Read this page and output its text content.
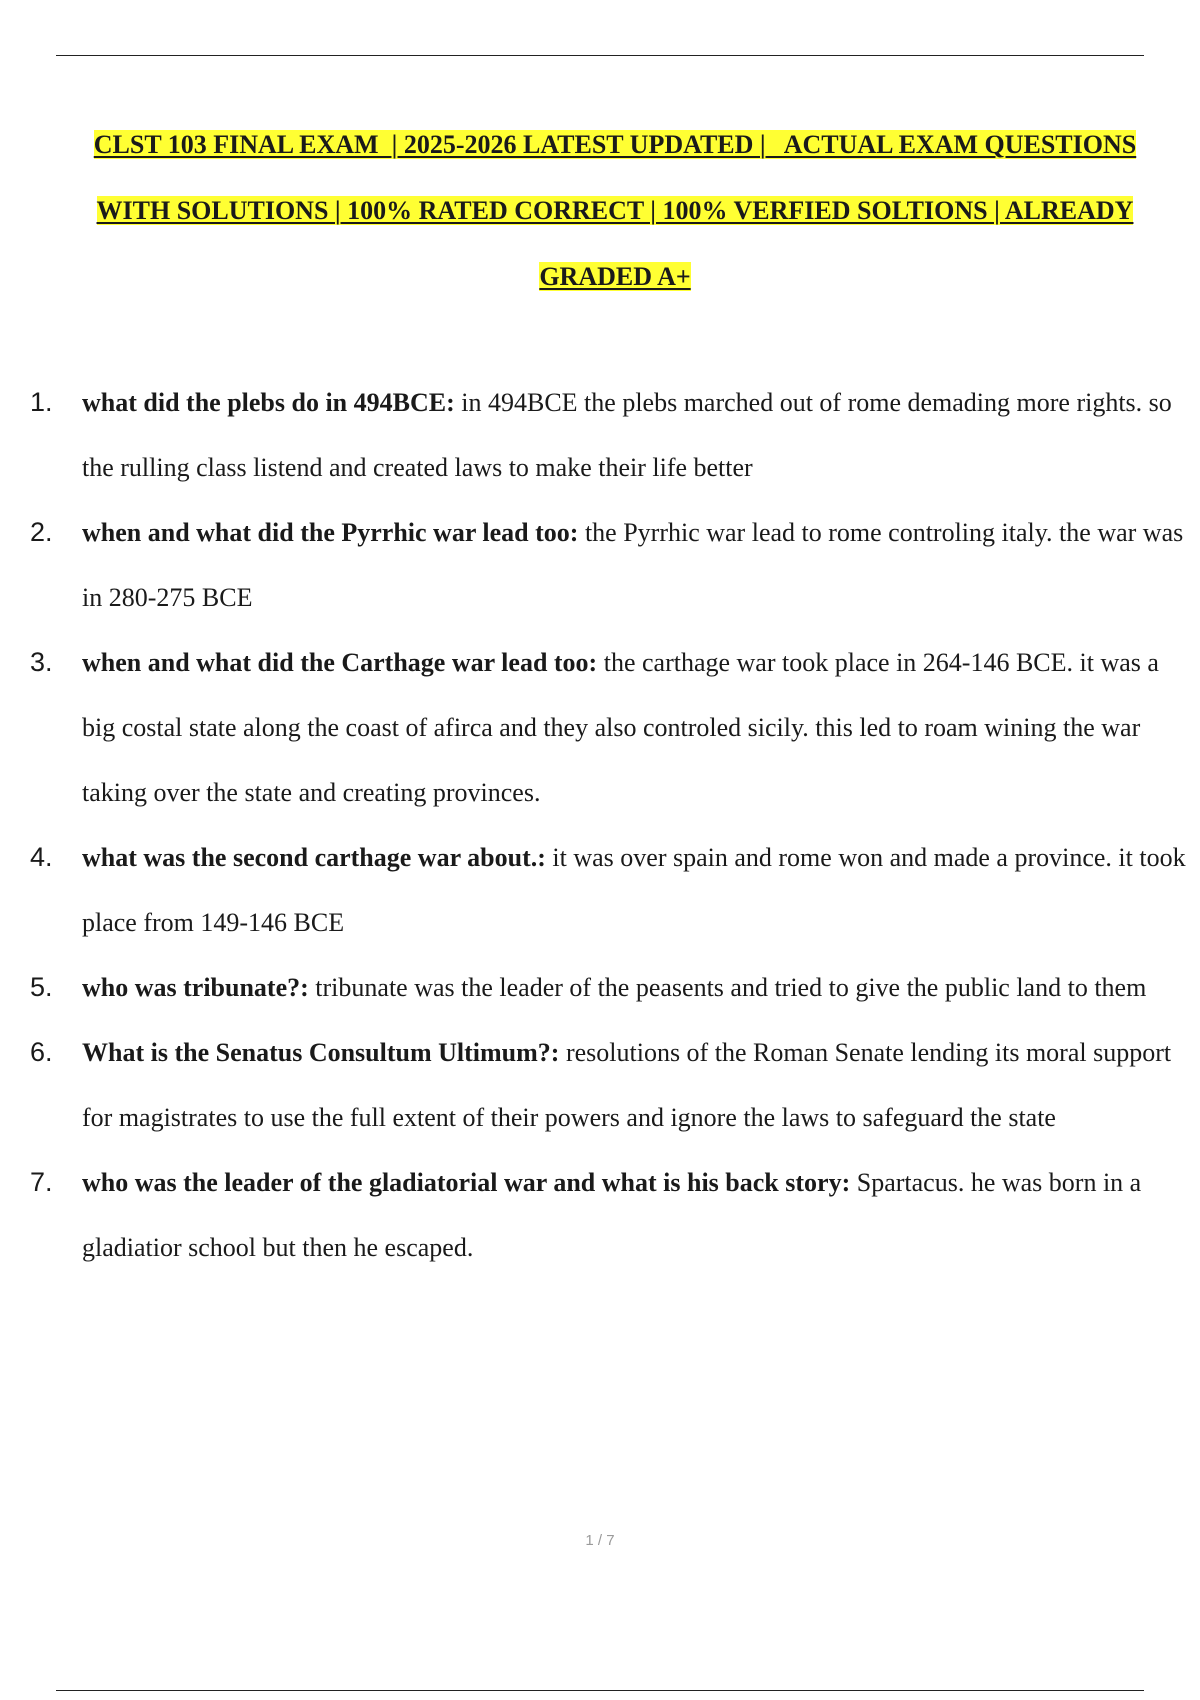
CLST 103 FINAL EXAM  | 2025-2026 LATEST UPDATED |   ACTUAL EXAM QUESTIONS
WITH SOLUTIONS | 100% RATED CORRECT | 100% VERFIED SOLTIONS | ALREADY
GRADED A+
1. what did the plebs do in 494BCE: in 494BCE the plebs marched out of rome demading more rights. so the rulling class listend and created laws to make their life better
2. when and what did the Pyrrhic war lead too: the Pyrrhic war lead to rome controling italy. the war was in 280-275 BCE
3. when and what did the Carthage war lead too: the carthage war took place in 264-146 BCE. it was a big costal state along the coast of afirca and they also controled sicily. this led to roam wining the war taking over the state and creating provinces.
4. what was the second carthage war about.: it was over spain and rome won and made a province. it took place from 149-146 BCE
5. who was tribunate?: tribunate was the leader of the peasents and tried to give the public land to them
6. What is the Senatus Consultum Ultimum?: resolutions of the Roman Senate lending its moral support for magistrates to use the full extent of their powers and ignore the laws to safeguard the state
7. who was the leader of the gladiatorial war and what is his back story: Spartacus. he was born in a gladiatior school but then he escaped.
1 / 7
